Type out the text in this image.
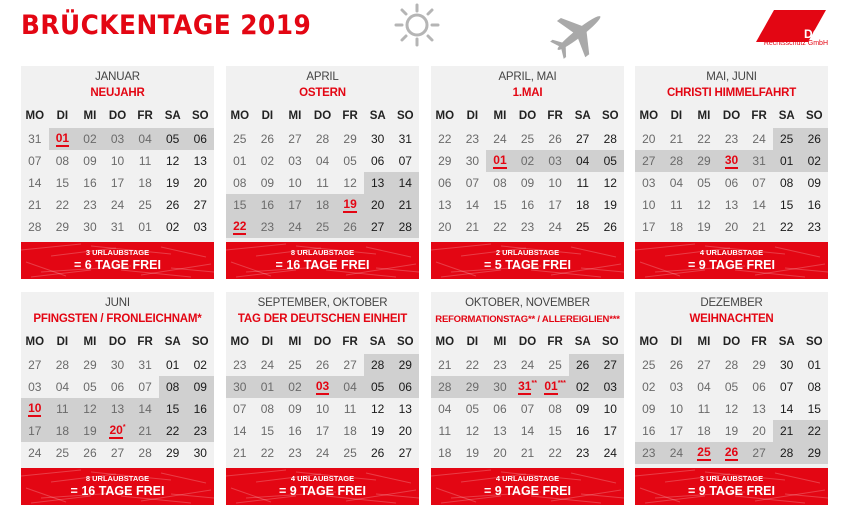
BRÜCKENTAGE 2019	DGB
Rechtsschutz GmbH
JANUAR
NEUJAHR
MO	DI	MI	DO FR	SA SO
31	01	02	03	04	05	06
07	08	09	10	11	12	13
14	15	16	17	18	19	20
21	22	23	24	25	26	27
28	29	30	31	01	02	03
3 URLAUBSTAGE
= 6 TAGE FREI
APRIL
OSTERN
MO	DI	MI	DO FR	SA SO
25	26	27	28	29	30	31
01	02	03	04	05	06	07
08	09	10	11	12	13	14
15	16	17	18	19	20	21
22	23	24	25	26	27	28
8 URLAUBSTAGE
= 16 TAGE FREI
APRIL, MAI
1.MAI
MO	DI	MI	DO FR	SA SO
22	23	24	25	26	27	28
29	30	01	02	03	04	05
06	07	08	09	10	11	12
13	14	15	16	17	18	19
20	21	22	23	24	25	26
2 URLAUBSTAGE
= 5 TAGE FREI
MAI, JUNI
CHRISTI HIMMELFAHRT
MO	DI	MI	DO FR	SA SO
20	21	22	23	24	25	26
27	28	29	30	31	01	02
03	04	05	06	07	08	09
10	11	12	13	14	15	16
17	18	19	20	21	22	23
4 URLAUBSTAGE
= 9 TAGE FREI
JUNI
PFINGSTEN / FRONLEICHNAM*
MO	DI	MI	DO FR	SA SO
27	28	29	30	31	01	02
03	04	05	06	07	08	09
10	11	12	13	14	15	16
17	18	19	20 *	21	22	23
24	25	26	27	28	29	30
8 URLAUBSTAGE
= 16 TAGE FREI
SEPTEMBER, OKTOBER
TAG DER DEUTSCHEN EINHEIT
MO	DI	MI	DO FR	SA SO
23	24	25	26	27	28	29
30	01	02	03	04	05	06
07	08	09	10	11	12	13
14	15	16	17	18	19	20
21	22	23	24	25	26	27
4 URLAUBSTAGE
= 9 TAGE FREI
OKTOBER, NOVEMBER
REFORMATIONSTAG** / ALLEREIGLIEN***
MO	DI	MI	DO FR	SA SO
21	22	23	24	25	26	27
28	29	30 31 ** 01 *** 02	03
04	05	06	07	08	09	10
11	12	13	14	15	16	17
18	19	20	21	22	23	24
4 URLAUBSTAGE
= 9 TAGE FREI
DEZEMBER
WEIHNACHTEN
MO	DI	MI	DO FR	SA SO
25	26	27	28	29	30	01
02	03	04	05	06	07	08
09	10	11	12	13	14	15
16	17	18	19	20	21	22
23	24	25 26	27	28	29
3 URLAUBSTAGE
= 9 TAGE FREI
